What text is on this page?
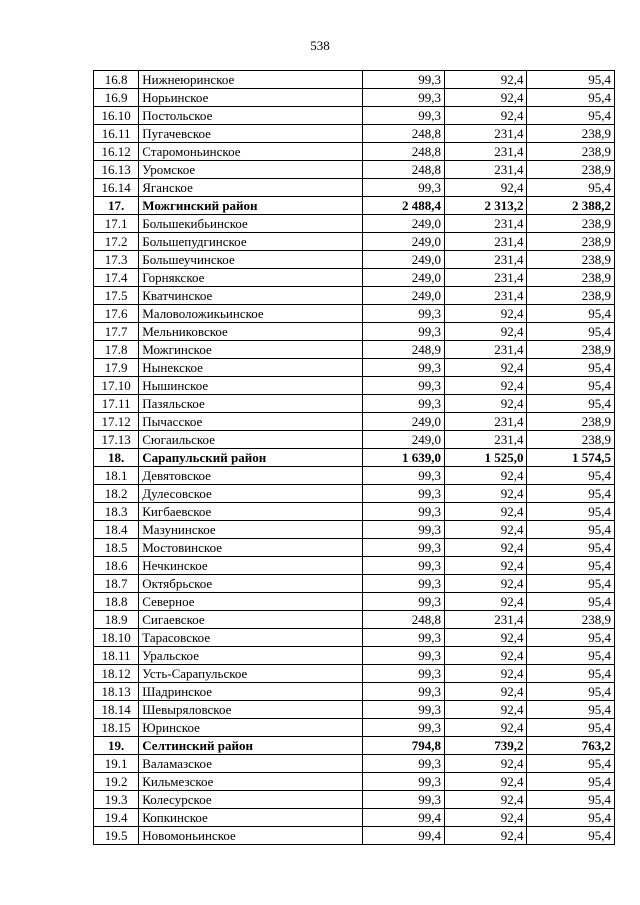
538
16.8	Нижнеюринское	99,3	92,4	95,4
16.9	Норьинское	99,3	92,4	95,4
16.10	Постольское	99,3	92,4	95,4
16.11	Пугачевское	248,8	231,4	238,9
16.12	Старомоньинское	248,8	231,4	238,9
16.13	Уромское	248,8	231,4	238,9
16.14	Яганское	99,3	92,4	95,4
17.	Можгинский район	2 488,4	2 313,2	2 388,2
17.1	Большекибьинское	249,0	231,4	238,9
17.2	Большепудгинское	249,0	231,4	238,9
17.3	Большеучинское	249,0	231,4	238,9
17.4	Горнякское	249,0	231,4	238,9
17.5	Кватчинское	249,0	231,4	238,9
17.6	Маловоложикьинское	99,3	92,4	95,4
17.7	Мельниковское	99,3	92,4	95,4
17.8	Можгинское	248,9	231,4	238,9
17.9	Нынекское	99,3	92,4	95,4
17.10	Нышинское	99,3	92,4	95,4
17.11	Пазяльское	99,3	92,4	95,4
17.12	Пычасское	249,0	231,4	238,9
17.13	Сюгаильское	249,0	231,4	238,9
18.	Сарапульский район	1 639,0	1 525,0	1 574,5
18.1	Девятовское	99,3	92,4	95,4
18.2	Дулесовское	99,3	92,4	95,4
18.3	Кигбаевское	99,3	92,4	95,4
18.4	Мазунинское	99,3	92,4	95,4
18.5	Мостовинское	99,3	92,4	95,4
18.6	Нечкинское	99,3	92,4	95,4
18.7	Октябрьское	99,3	92,4	95,4
18.8	Северное	99,3	92,4	95,4
18.9	Сигаевское	248,8	231,4	238,9
18.10	Тарасовское	99,3	92,4	95,4
18.11	Уральское	99,3	92,4	95,4
18.12	Усть-Сарапульское	99,3	92,4	95,4
18.13	Шадринское	99,3	92,4	95,4
18.14	Шевыряловское	99,3	92,4	95,4
18.15	Юринское	99,3	92,4	95,4
19.	Селтинский район	794,8	739,2	763,2
19.1	Валамазское	99,3	92,4	95,4
19.2	Кильмезское	99,3	92,4	95,4
19.3	Колесурское	99,3	92,4	95,4
19.4	Копкинское	99,4	92,4	95,4
19.5	Новомоньинское	99,4	92,4	95,4
